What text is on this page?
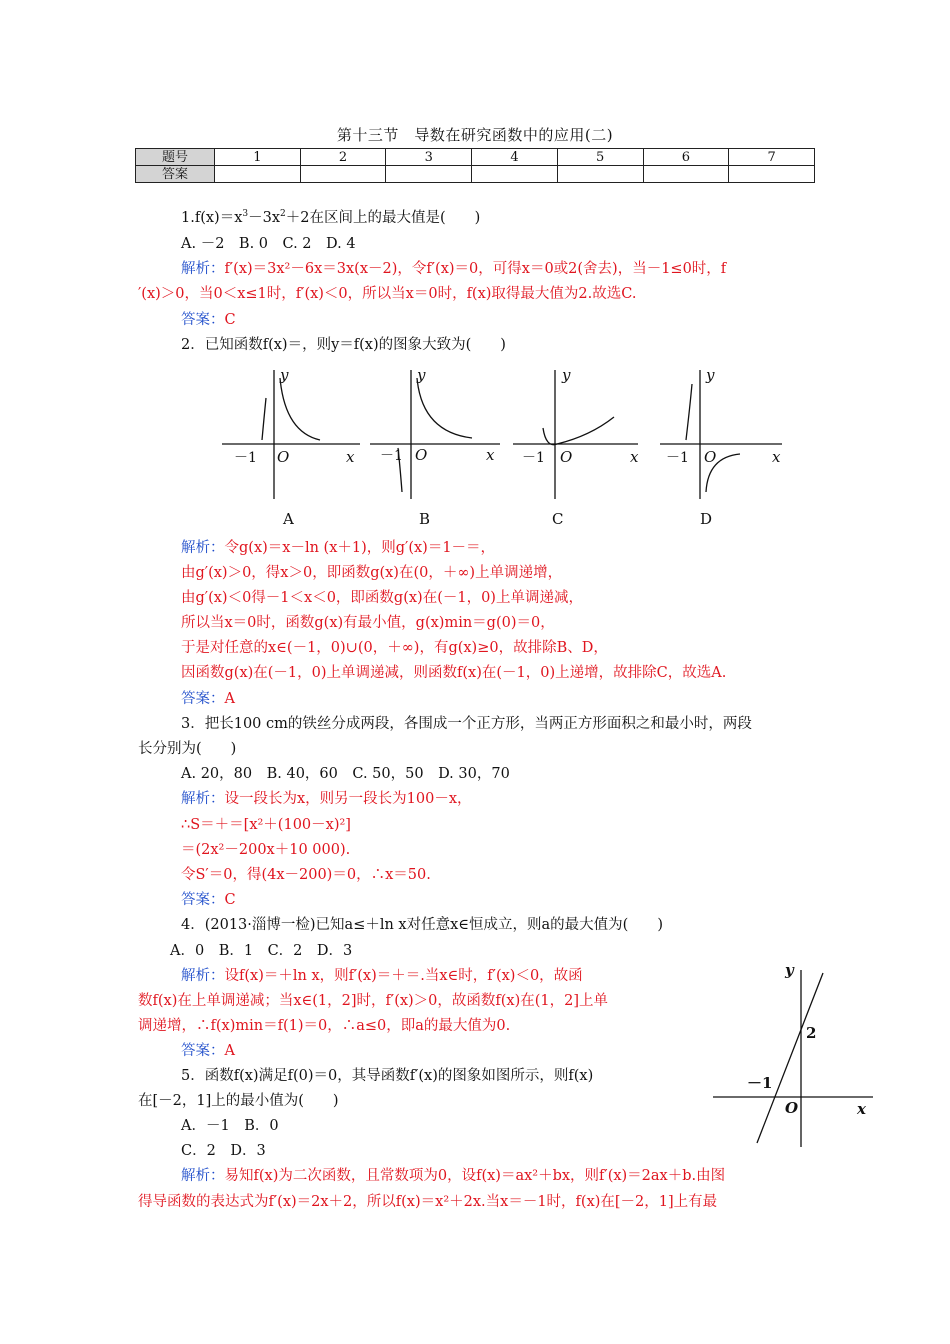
第十三节　导数在研究函数中的应用(二)
题号	1	2	3	4	5	6	7
答案							
$1.f(x)=x^3-3x^2+2$在区间上的最大值是(　　)
A. －2　B. 0　C. 2　D. 4
解析：f′(x)＝3x²－6x＝3x(x－2)，令f′(x)＝0，可得x＝0或2(舍去)，当－1≤0时，f
′(x)＞0，当0＜x≤1时，f′(x)＜0，所以当x＝0时，f(x)取得最大值为2.故选C.
答案：C
2．已知函数f(x)＝，则y＝f(x)的图象大致为(　　)
y
x
O
y
x
O
y
x
O
y
x
O
－1	－1	－1	－1
A	B	C	D
解析：令g(x)＝x－ln (x＋1)，则g′(x)＝1－＝，
由g′(x)＞0，得x＞0，即函数g(x)在(0，＋∞)上单调递增，
由g′(x)＜0得－1＜x＜0，即函数g(x)在(－1，0)上单调递减，
所以当x＝0时，函数g(x)有最小值，g(x)min＝g(0)＝0，
于是对任意的x∈(－1，0)∪(0，＋∞)，有g(x)≥0，故排除B、D，
因函数g(x)在(－1，0)上单调递减，则函数f(x)在(－1，0)上递增，故排除C，故选A.
答案：A
3．把长100 cm的铁丝分成两段，各围成一个正方形，当两正方形面积之和最小时，两段
长分别为(　　)
A. 20，80　B. 40，60　C. 50，50　D. 30，70
解析：设一段长为x，则另一段长为100－x，
∴S＝＋＝[x²＋(100－x)²]
＝(2x²－200x＋10 000).
令S′＝0，得(4x－200)＝0，∴x＝50.
答案：C
4．(2013·淄博一检)已知a≤＋ln x对任意x∈恒成立，则a的最大值为(　　)
A．0　B．1　C．2　D．3
解析：设f(x)＝＋ln x，则f′(x)＝＋＝.当x∈时，f′(x)＜0，故函
数f(x)在上单调递减；当x∈(1，2]时，f′(x)＞0，故函数f(x)在(1，2]上单
调递增，∴f(x)min＝f(1)＝0，∴a≤0，即a的最大值为0.
答案：A
5．函数f(x)满足f(0)＝0，其导函数f′(x)的图象如图所示，则f(x)
在[－2，1]上的最小值为(　　)
A．－1　B．0
C．2　D．3
解析：易知f(x)为二次函数，且常数项为0，设f(x)＝ax²＋bx，则f′(x)＝2ax＋b.由图
得导函数的表达式为f′(x)＝2x＋2，所以f(x)＝x²＋2x.当x＝－1时，f(x)在[－2，1]上有最
y
x
O
2
－1
